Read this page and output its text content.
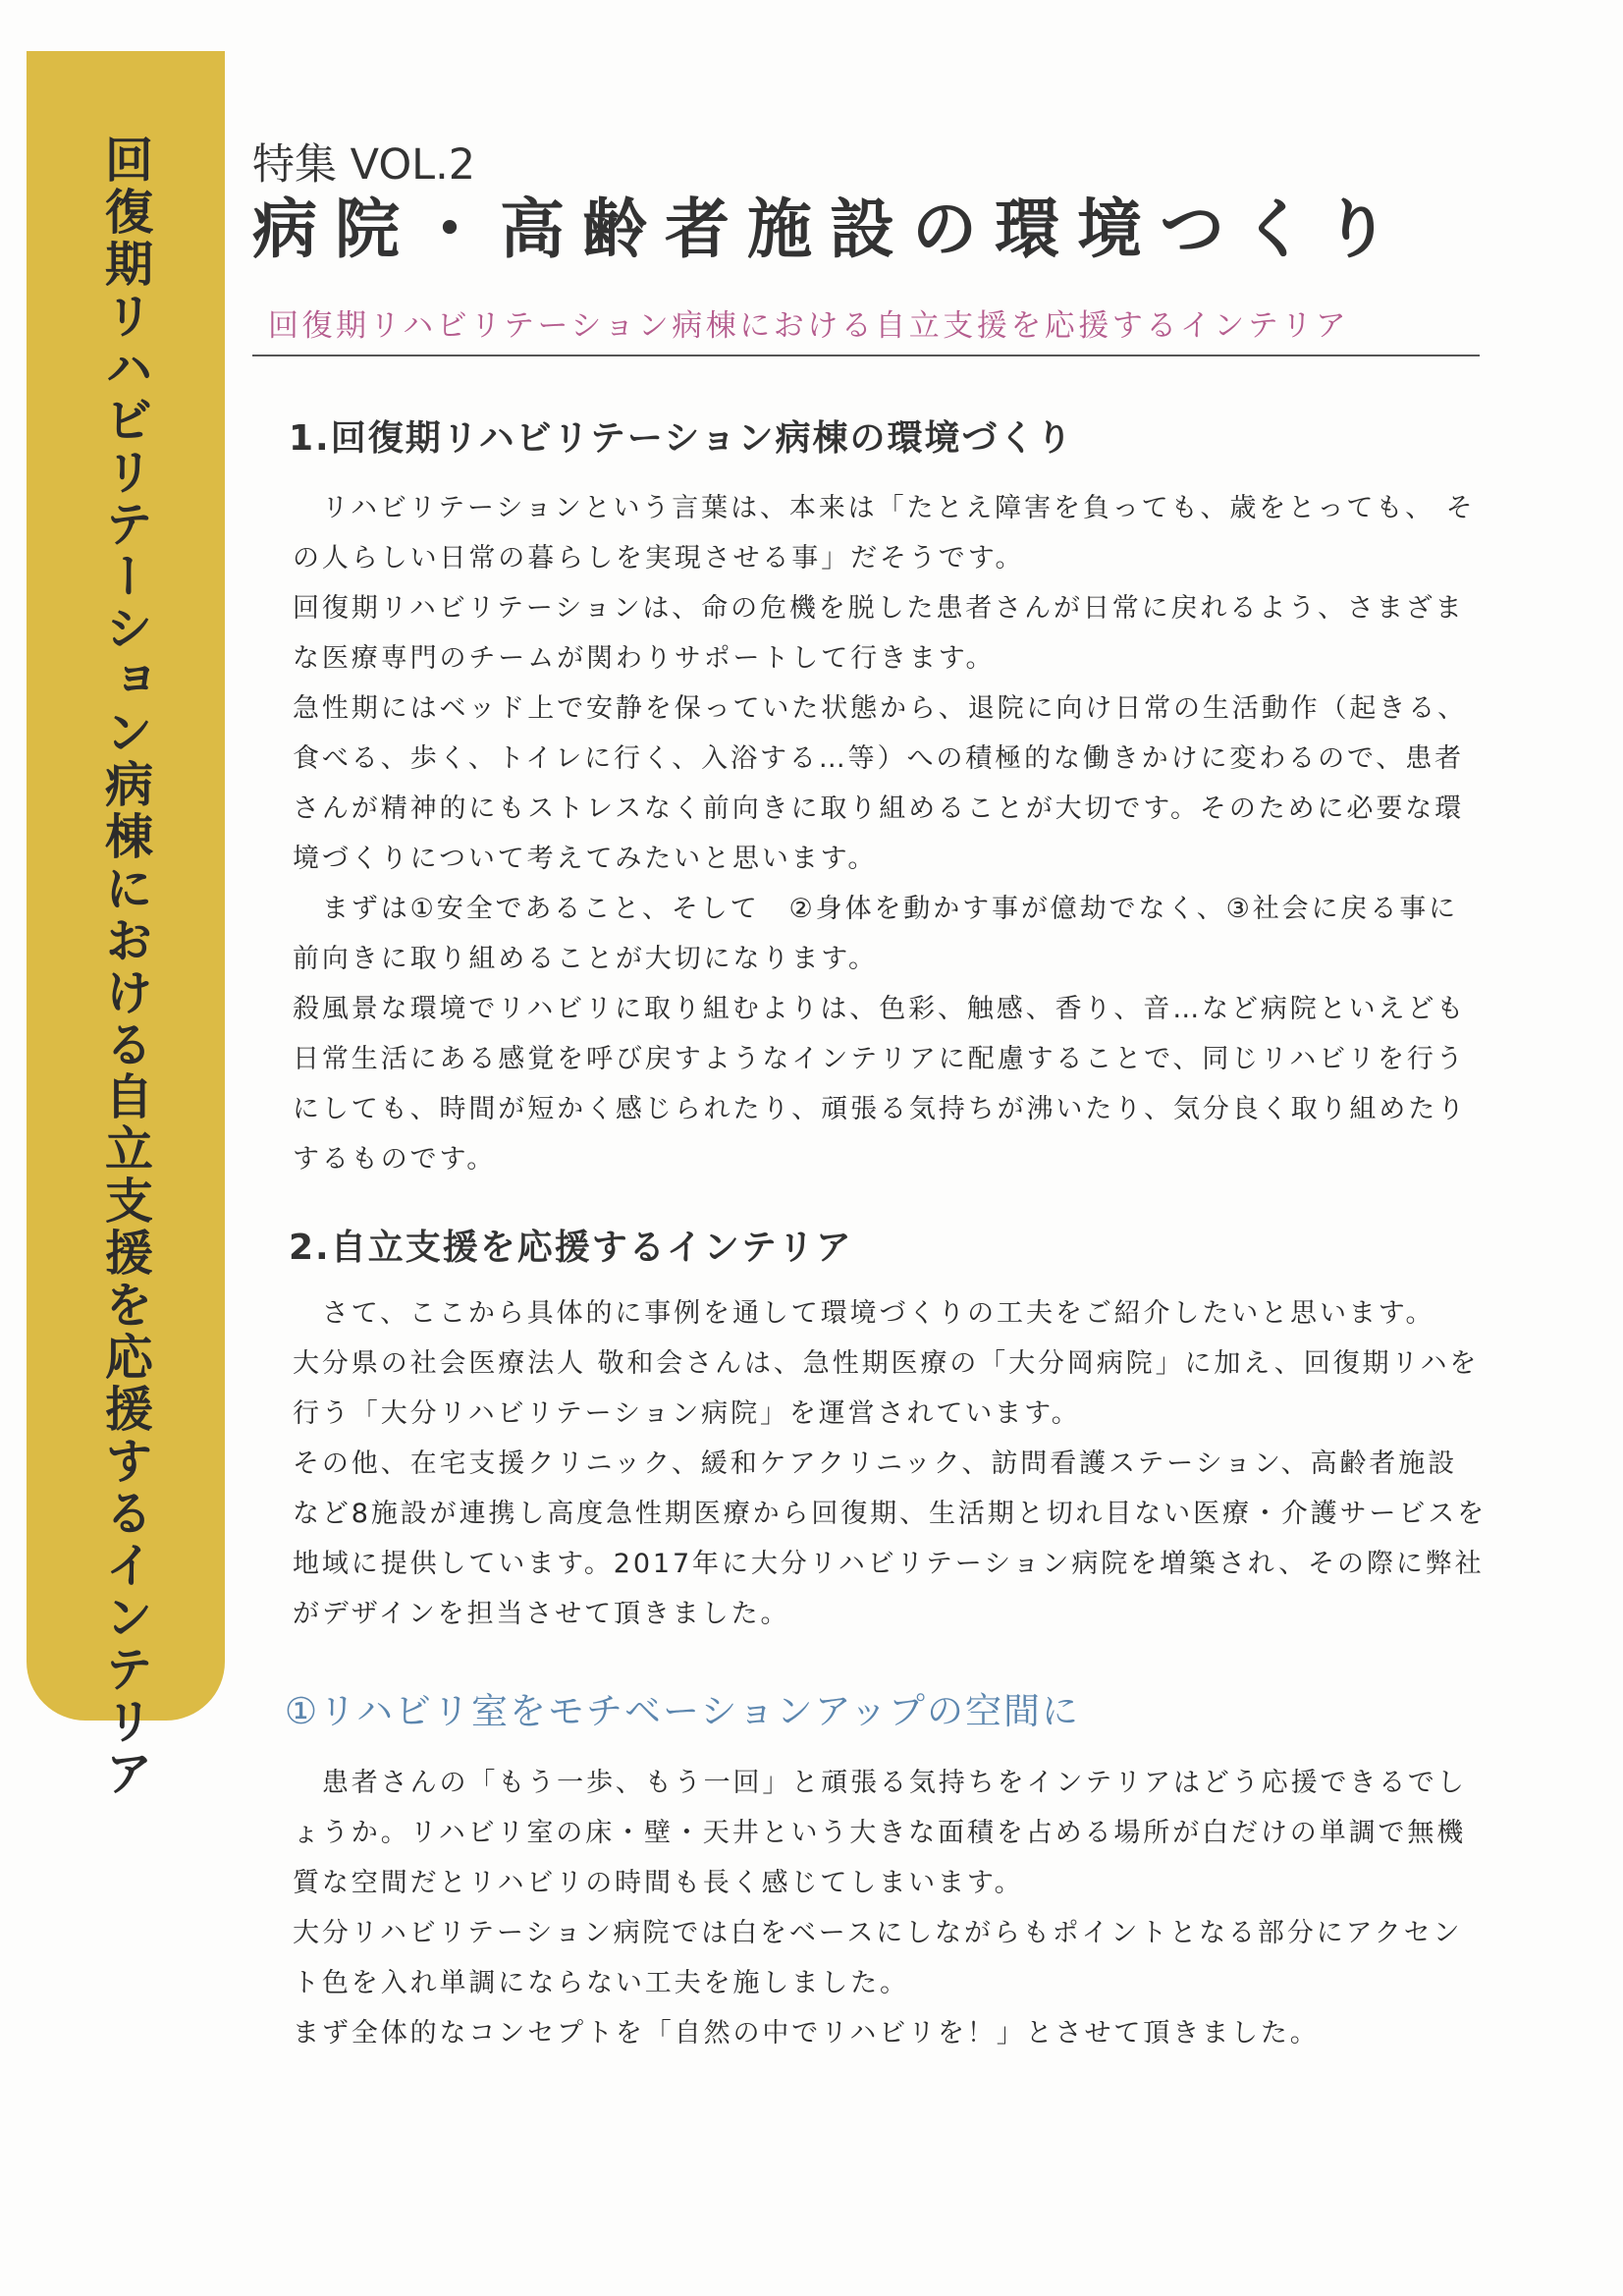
回復期リハビリテーション病棟における自立支援を応援するインテリア 特集 VOL.2
病院・高齢者施設の環境つくり
回復期リハビリテーション病棟における自立支援を応援するインテリア
1.回復期リハビリテーション病棟の環境づくり
　リハビリテーションという言葉は、本来は「たとえ障害を負っても、歳をとっても、 そ
の人らしい日常の暮らしを実現させる事」だそうです。
回復期リハビリテーションは、命の危機を脱した患者さんが日常に戻れるよう、さまざま
な医療専門のチームが関わりサポートして行きます。
急性期にはベッド上で安静を保っていた状態から、退院に向け日常の生活動作（起きる、
食べる、歩く、トイレに行く、入浴する…等）への積極的な働きかけに変わるので、患者
さんが精神的にもストレスなく前向きに取り組めることが大切です。そのために必要な環
境づくりについて考えてみたいと思います。
　まずは①安全であること、そして　②身体を動かす事が億劫でなく、③社会に戻る事に
前向きに取り組めることが大切になります。
殺風景な環境でリハビリに取り組むよりは、色彩、触感、香り、音…など病院といえども
日常生活にある感覚を呼び戻すようなインテリアに配慮することで、同じリハビリを行う
にしても、時間が短かく感じられたり、頑張る気持ちが沸いたり、気分良く取り組めたり
するものです。
2.自立支援を応援するインテリア
　さて、ここから具体的に事例を通して環境づくりの工夫をご紹介したいと思います。
大分県の社会医療法人 敬和会さんは、急性期医療の「大分岡病院」に加え、回復期リハを
行う「大分リハビリテーション病院」を運営されています。
その他、在宅支援クリニック、緩和ケアクリニック、訪問看護ステーション、高齢者施設
など8施設が連携し高度急性期医療から回復期、生活期と切れ目ない医療・介護サービスを
地域に提供しています。2017年に大分リハビリテーション病院を増築され、その際に弊社
がデザインを担当させて頂きました。
①リハビリ室をモチベーションアップの空間に
　患者さんの「もう一歩、もう一回」と頑張る気持ちをインテリアはどう応援できるでし
ょうか。リハビリ室の床・壁・天井という大きな面積を占める場所が白だけの単調で無機
質な空間だとリハビリの時間も長く感じてしまいます。
大分リハビリテーション病院では白をベースにしながらもポイントとなる部分にアクセン
ト色を入れ単調にならない工夫を施しました。
まず全体的なコンセプトを「自然の中でリハビリを！」とさせて頂きました。
